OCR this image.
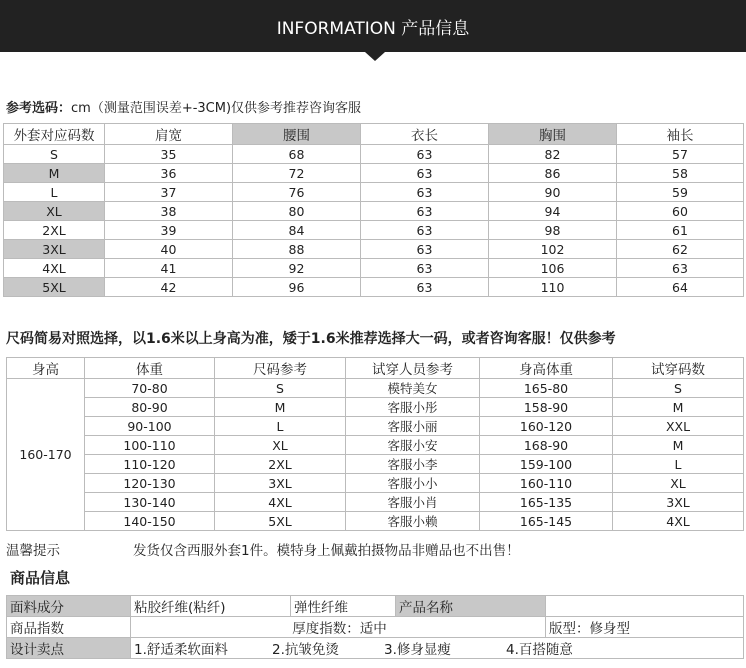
INFORMATION 产品信息
参考选码：cm（测量范围误差+-3CM)仅供参考推荐咨询客服
外套对应码数	肩宽	腰围	衣长	胸围	袖长
S	35	68	63	82	57
M	36	72	63	86	58
L	37	76	63	90	59
XL	38	80	63	94	60
2XL	39	84	63	98	61
3XL	40	88	63	102	62
4XL	41	92	63	106	63
5XL	42	96	63	110	64
尺码简易对照选择，以1.6米以上身高为准，矮于1.6米推荐选择大一码，或者咨询客服！仅供参考
身高	体重	尺码参考	试穿人员参考	身高体重	试穿码数
160-170	70-80	S	模特美女	165-80	S
	80-90	M	客服小彤	158-90	M
	90-100	L	客服小丽	160-120	XXL
	100-110	XL	客服小安	168-90	M
	110-120	2XL	客服小李	159-100	L
	120-130	3XL	客服小小	160-110	XL
	130-140	4XL	客服小肖	165-135	3XL
	140-150	5XL	客服小赖	165-145	4XL
温馨提示	发货仅含西服外套1件。模特身上佩戴拍摄物品非赠品也不出售！
商品信息
面料成分	粘胶纤维(粘纤)	弹性纤维	产品名称	
商品指数	厚度指数：适中			版型：修身型
设计卖点	1.舒适柔软面料 2.抗皱免烫 3.修身显瘦 4.百搭随意			
